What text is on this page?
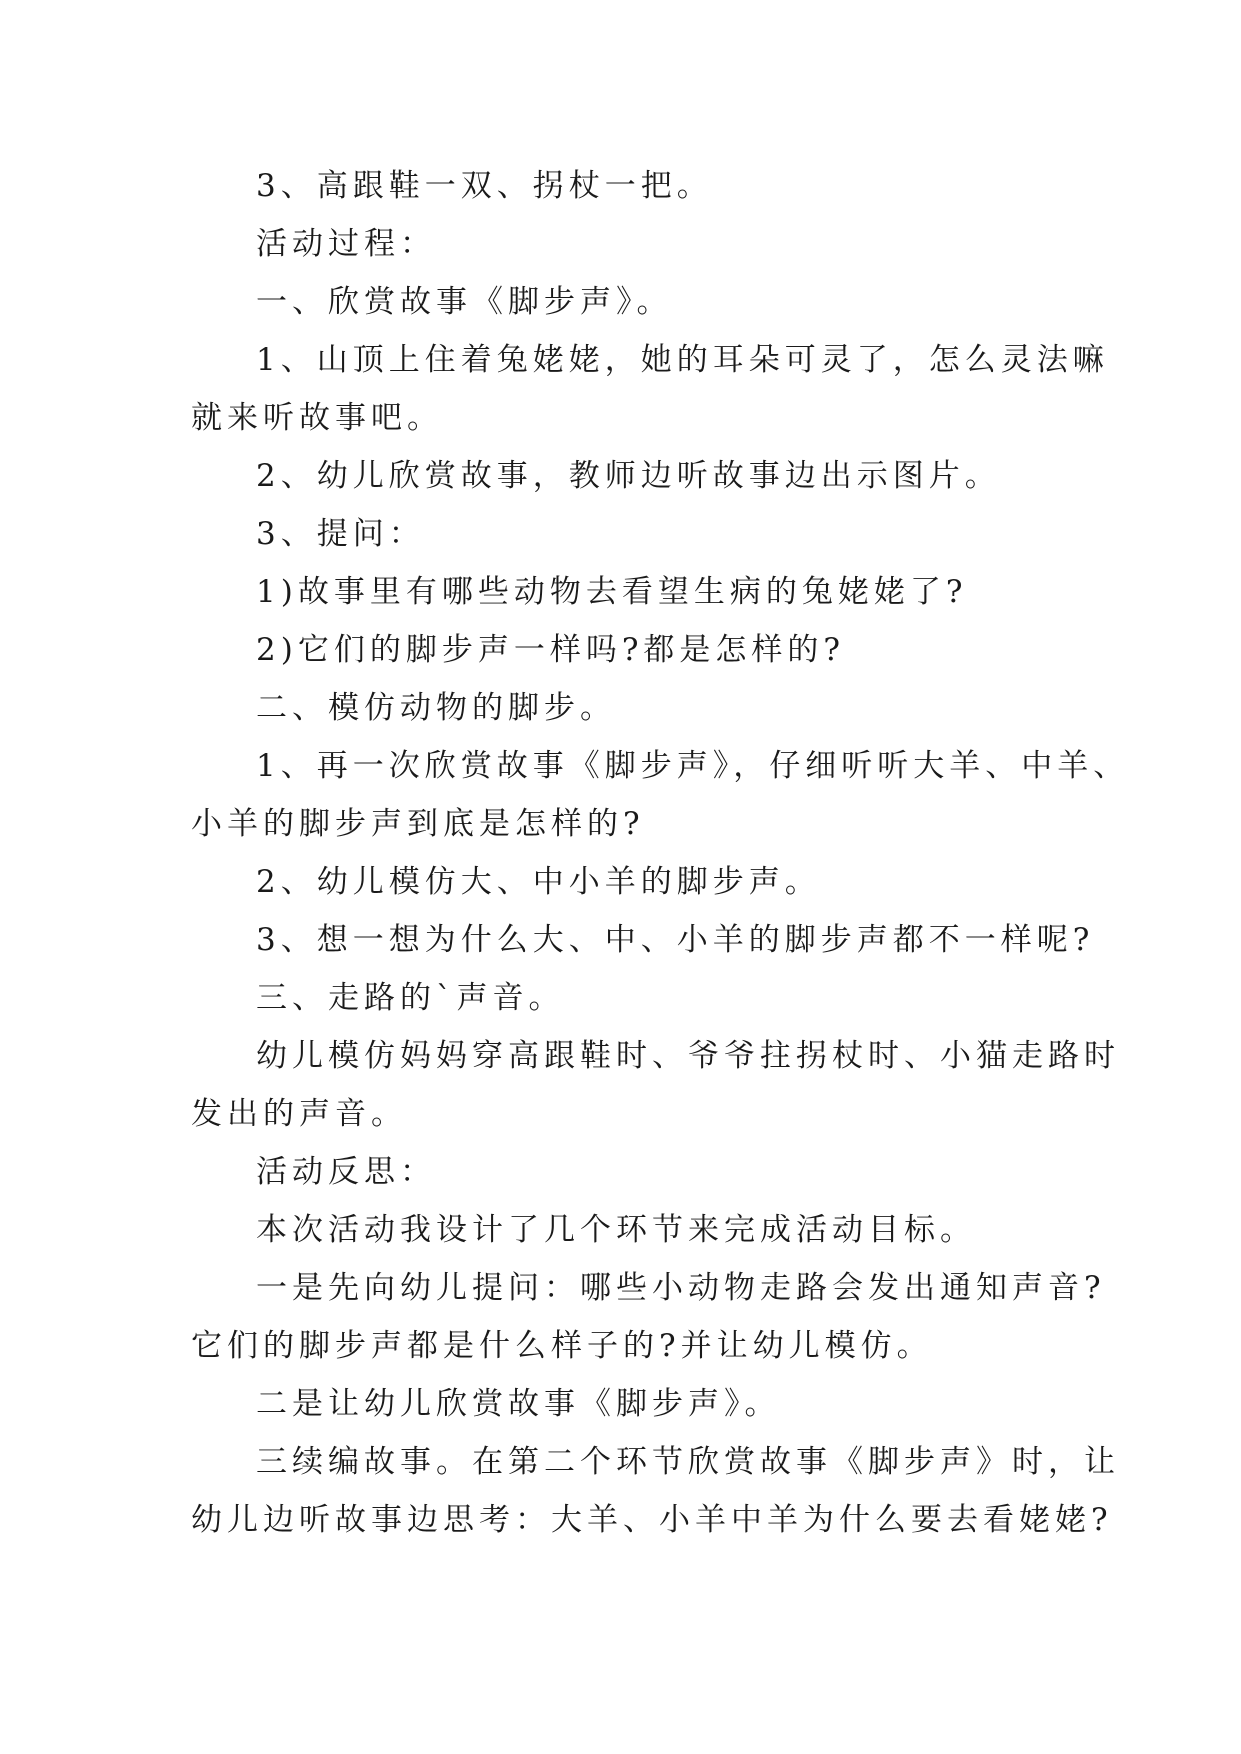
3、高跟鞋一双、拐杖一把。
活动过程：
一、欣赏故事《脚步声》。
1、山顶上住着兔姥姥，她的耳朵可灵了，怎么灵法嘛
就来听故事吧。
2、幼儿欣赏故事，教师边听故事边出示图片。
3、提问：
1)故事里有哪些动物去看望生病的兔姥姥了?
2)它们的脚步声一样吗?都是怎样的?
二、模仿动物的脚步。
1、再一次欣赏故事《脚步声》，仔细听听大羊、中羊、
小羊的脚步声到底是怎样的?
2、幼儿模仿大、中小羊的脚步声。
3、想一想为什么大、中、小羊的脚步声都不一样呢?
三、走路的`声音。
幼儿模仿妈妈穿高跟鞋时、爷爷拄拐杖时、小猫走路时
发出的声音。
活动反思：
本次活动我设计了几个环节来完成活动目标。
一是先向幼儿提问：哪些小动物走路会发出通知声音?
它们的脚步声都是什么样子的?并让幼儿模仿。
二是让幼儿欣赏故事《脚步声》。
三续编故事。在第二个环节欣赏故事《脚步声》时，让
幼儿边听故事边思考：大羊、小羊中羊为什么要去看姥姥?
